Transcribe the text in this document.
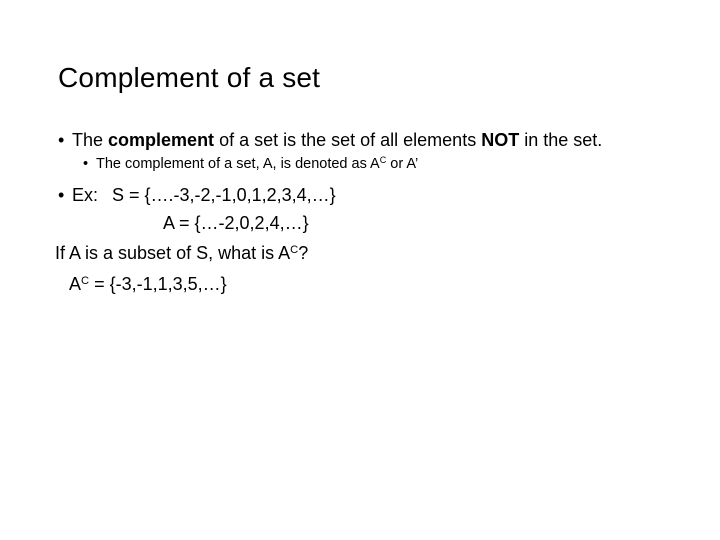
Complement of a set
• The complement of a set is the set of all elements NOT in the set.
• The complement of a set, A, is denoted as $A^C$ or A’
• Ex: S = {….-3,-2,-1,0,1,2,3,4,…}
A = {…-2,0,2,4,…}
If A is a subset of S, what is $A^C$?
$A^C$ = {-3,-1,1,3,5,…}
